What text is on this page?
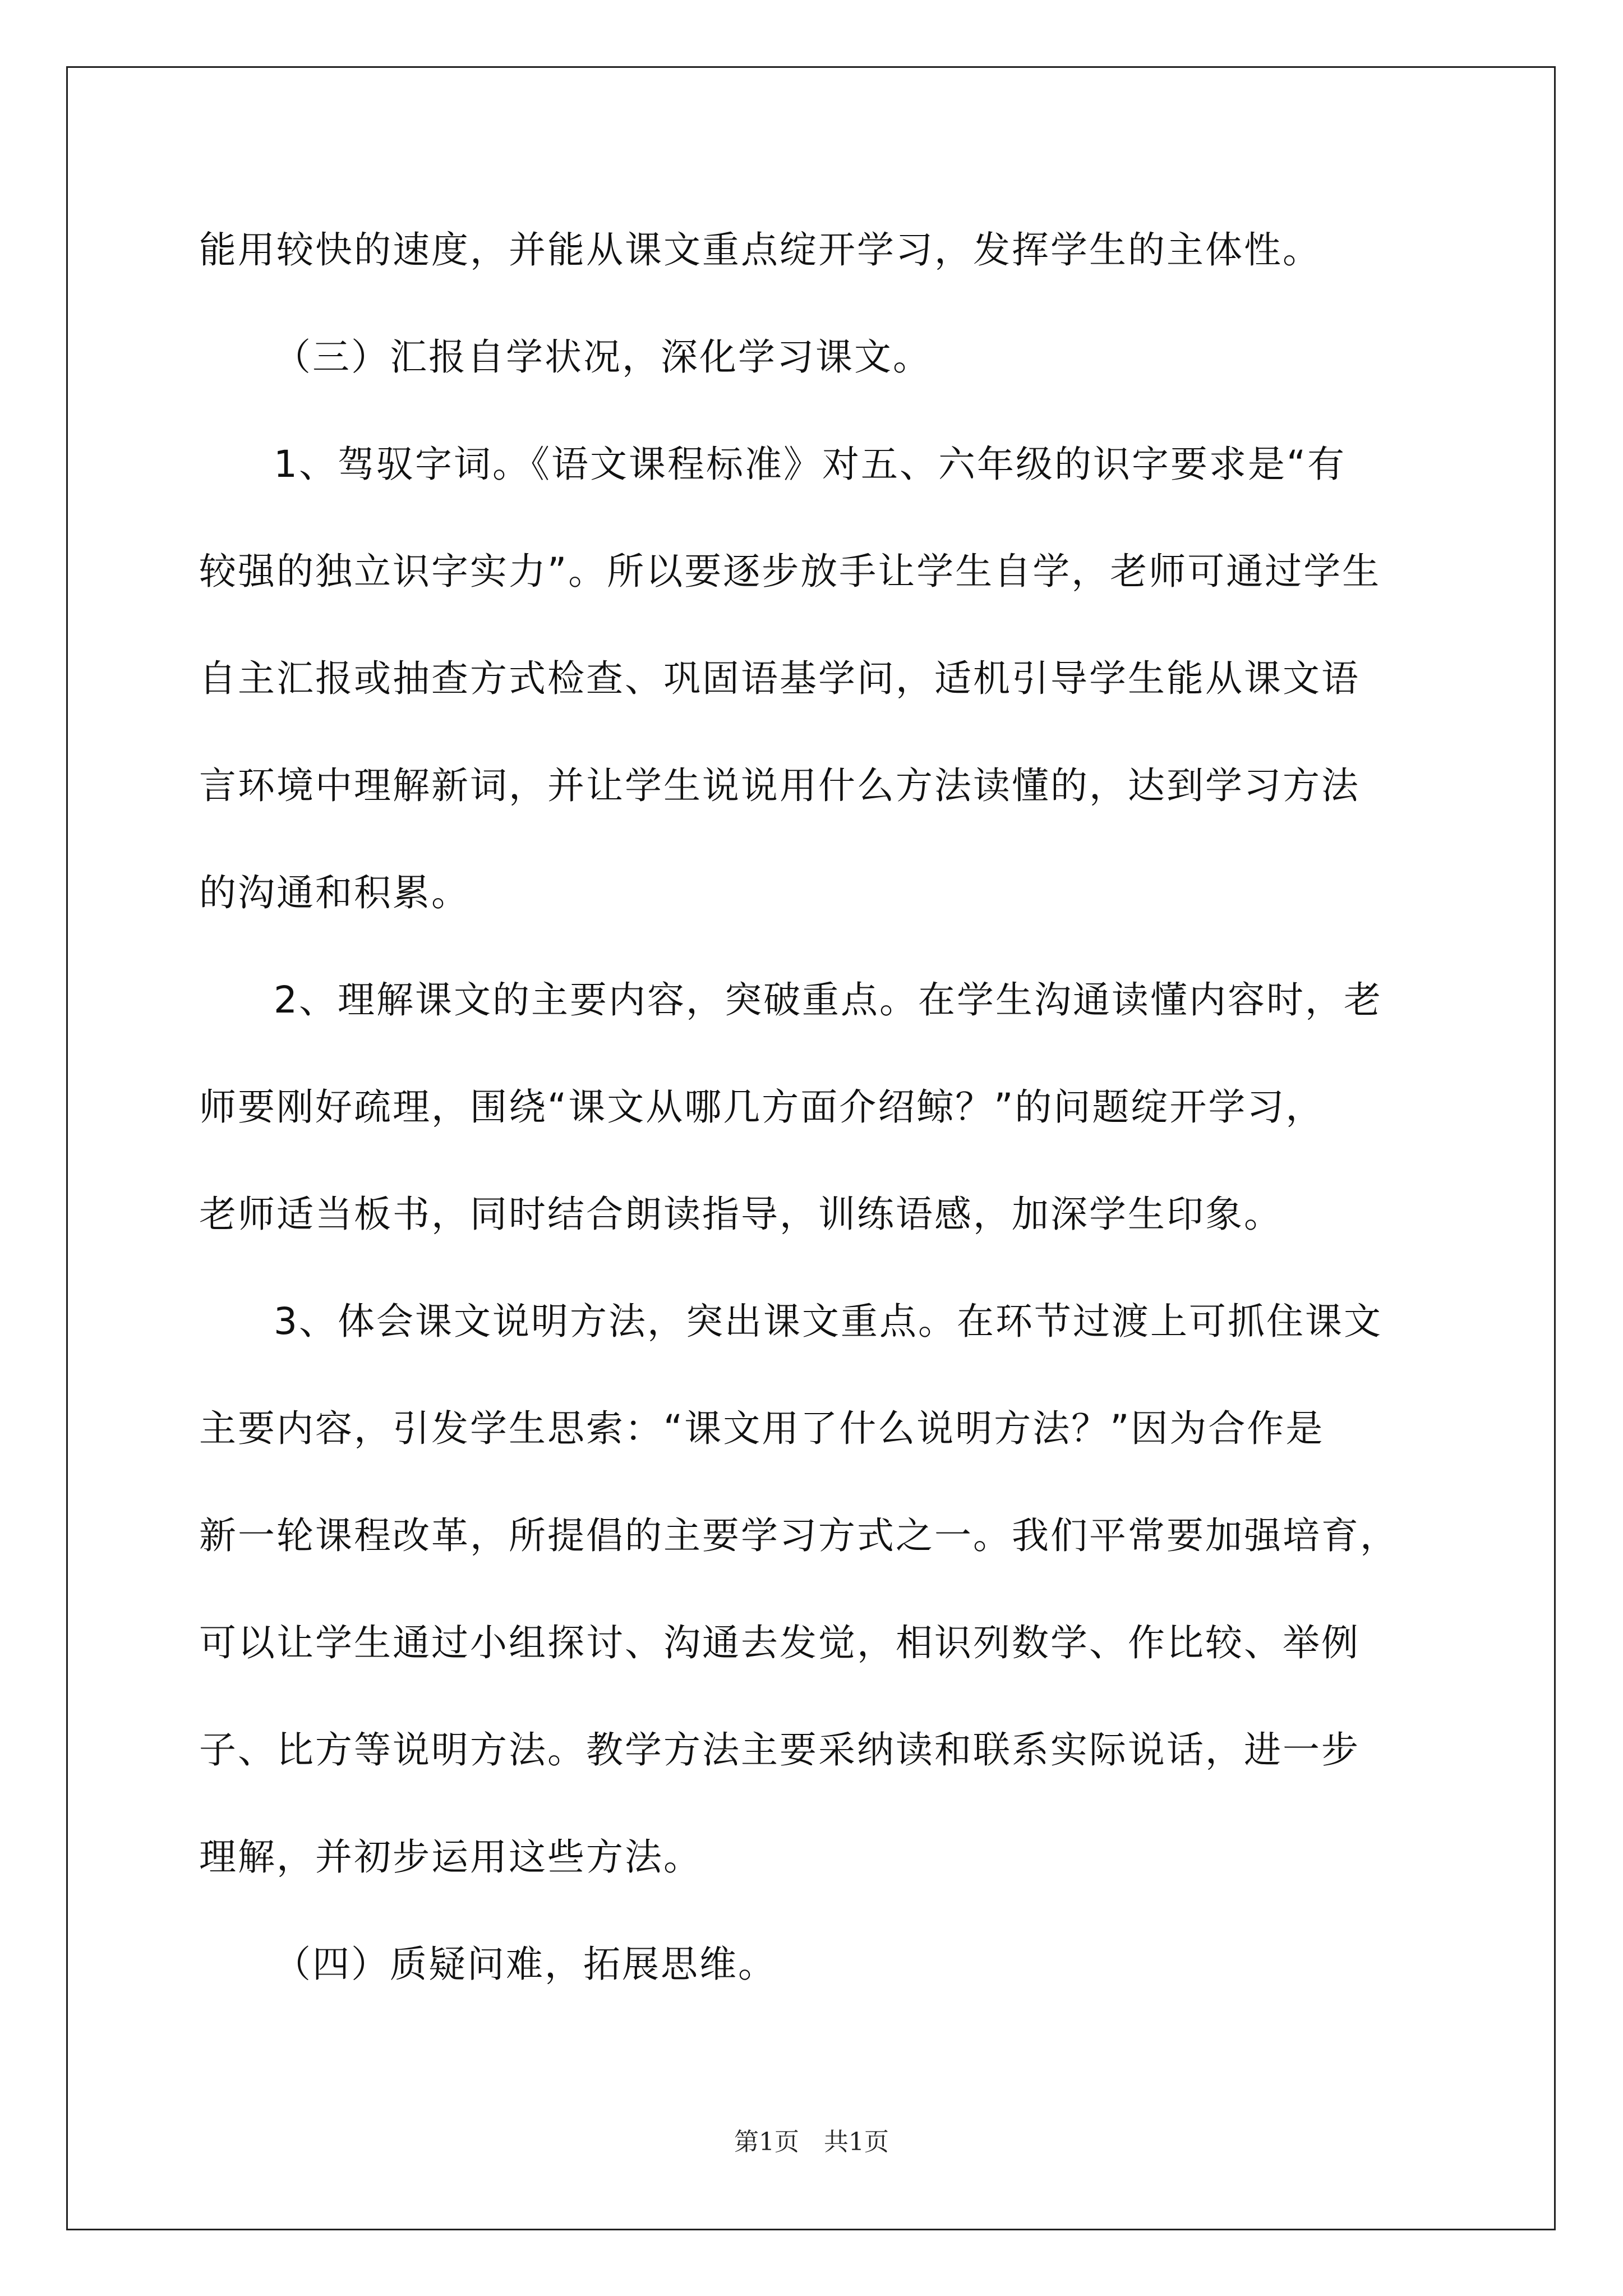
能用较快的速度，并能从课文重点绽开学习，发挥学生的主体性。
（三）汇报自学状况，深化学习课文。
1、驾驭字词。《语文课程标准》对五、六年级的识字要求是“有
较强的独立识字实力”。所以要逐步放手让学生自学，老师可通过学生
自主汇报或抽查方式检查、巩固语基学问，适机引导学生能从课文语
言环境中理解新词，并让学生说说用什么方法读懂的，达到学习方法
的沟通和积累。
2、理解课文的主要内容，突破重点。在学生沟通读懂内容时，老
师要刚好疏理，围绕“课文从哪几方面介绍鲸？”的问题绽开学习，
老师适当板书，同时结合朗读指导，训练语感，加深学生印象。
3、体会课文说明方法，突出课文重点。在环节过渡上可抓住课文
主要内容，引发学生思索：“课文用了什么说明方法？”因为合作是
新一轮课程改革，所提倡的主要学习方式之一。我们平常要加强培育，
可以让学生通过小组探讨、沟通去发觉，相识列数学、作比较、举例
子、比方等说明方法。教学方法主要采纳读和联系实际说话，进一步
理解，并初步运用这些方法。
（四）质疑问难，拓展思维。
第1页　共1页
